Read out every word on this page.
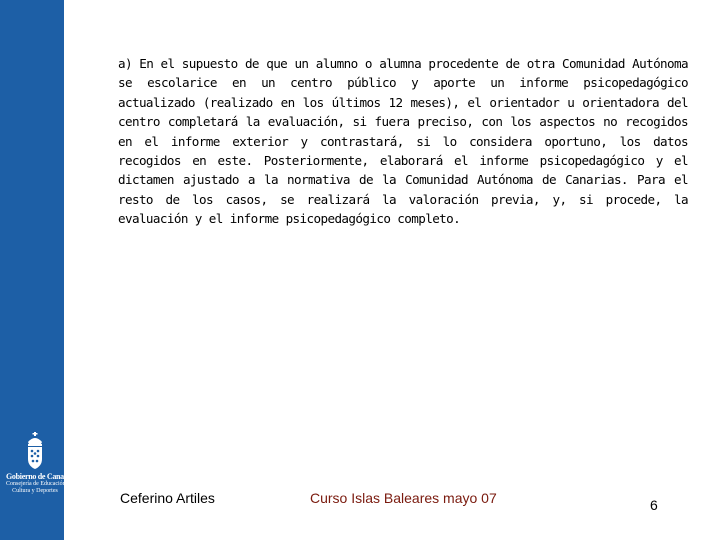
Gobierno de Canarias
Consejería de Educación,
Cultura y Deportes
a) En el supuesto de que un alumno o alumna procedente de otra Comunidad Autónoma se escolarice en un centro público y aporte un informe psicopedagógico actualizado (realizado en los últimos 12 meses), el orientador u orientadora del centro completará la evaluación, si fuera preciso, con los aspectos no recogidos en el informe exterior y contrastará, si lo considera oportuno, los datos recogidos en este. Posteriormente, elaborará el informe psicopedagógico y el dictamen ajustado a la normativa de la Comunidad Autónoma de Canarias. Para el resto de los casos, se realizará la valoración previa, y, si procede, la evaluación y el informe psicopedagógico completo.
Ceferino Artiles	Curso Islas Baleares mayo 07	6
